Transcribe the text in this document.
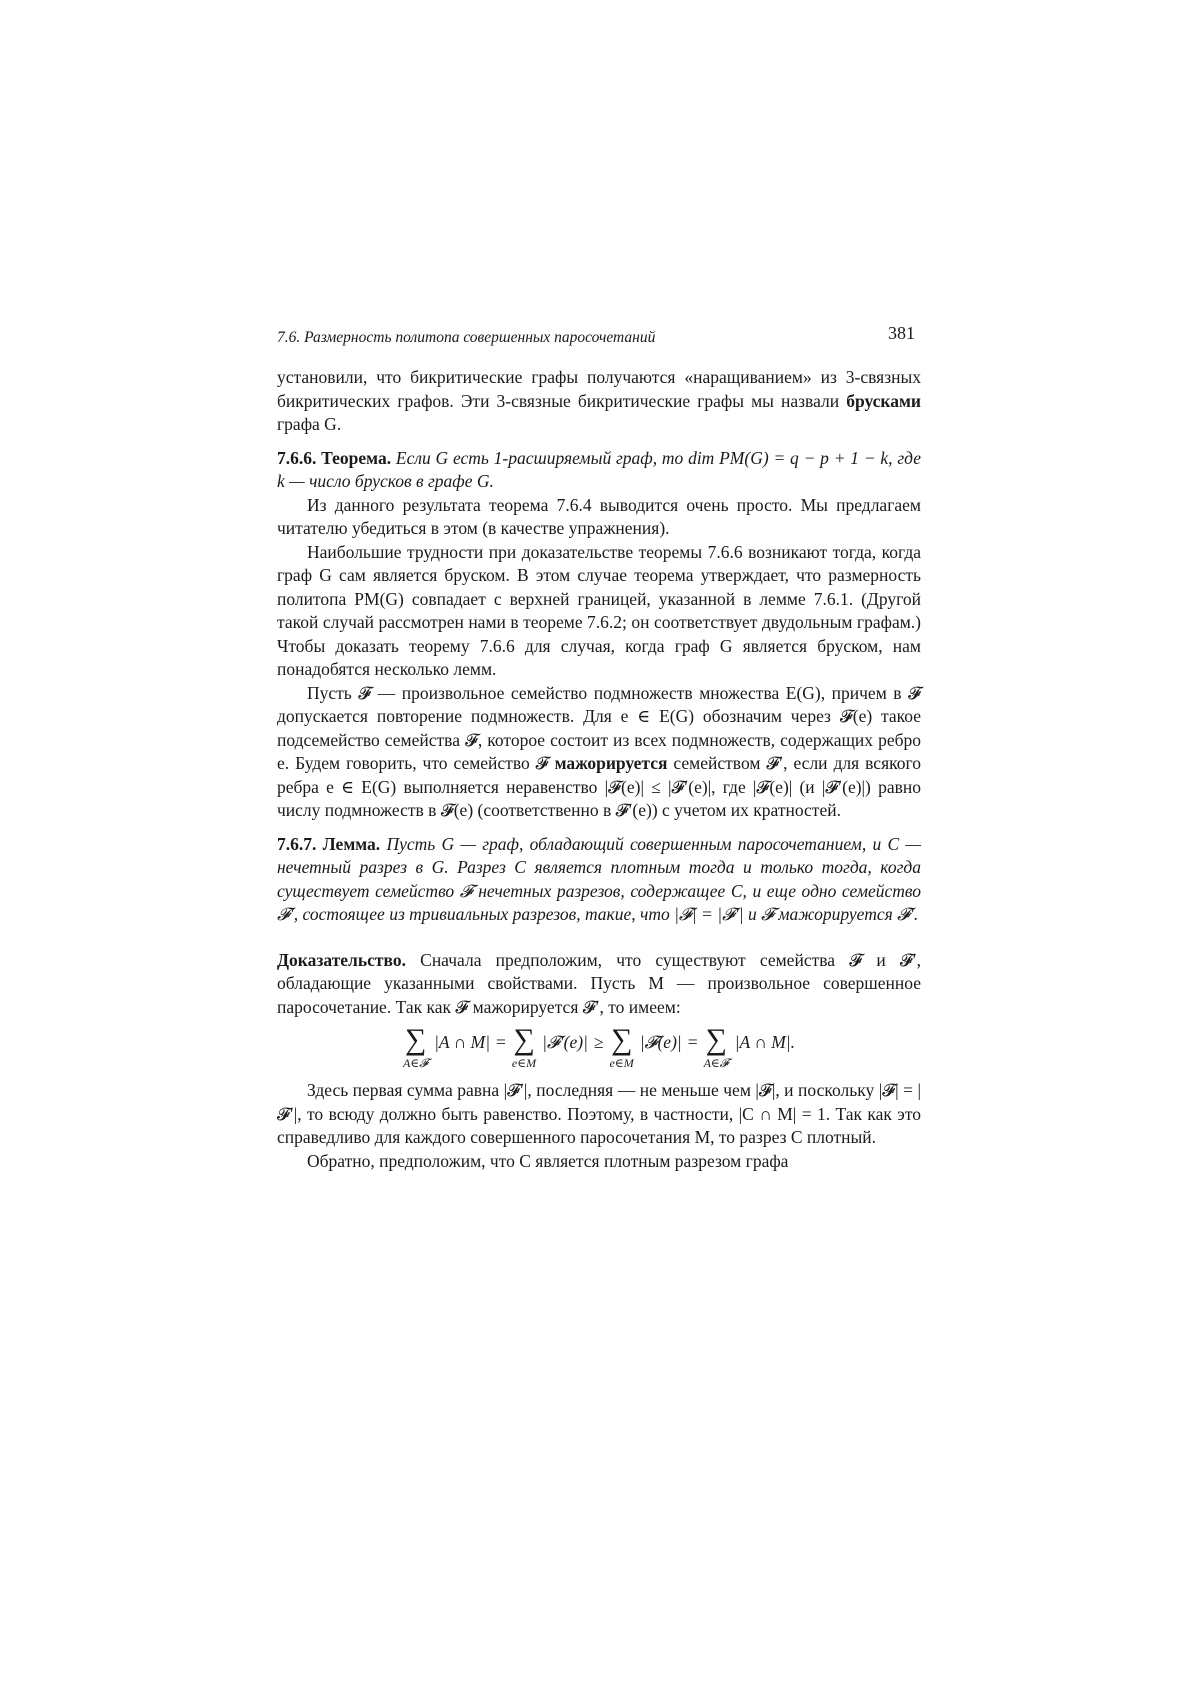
7.6. Размерность политопа совершенных паросочетаний	381

установили, что бикритические графы получаются «наращиванием» из 3-связных бикритических графов. Эти 3-связные бикритические графы мы назвали брусками графа G.

7.6.6. Теорема. Если G есть 1-расширяемый граф, то dim PM(G) = q − p + 1 − k, где k — число брусков в графе G.

Из данного результата теорема 7.6.4 выводится очень просто. Мы предлагаем читателю убедиться в этом (в качестве упражнения).

Наибольшие трудности при доказательстве теоремы 7.6.6 возникают тогда, когда граф G сам является бруском. В этом случае теорема утверждает, что размерность политопа PM(G) совпадает с верхней границей, указанной в лемме 7.6.1. (Другой такой случай рассмотрен нами в теореме 7.6.2; он соответствует двудольным графам.) Чтобы доказать теорему 7.6.6 для случая, когда граф G является бруском, нам понадобятся несколько лемм.

Пусть 𝓕 — произвольное семейство подмножеств множества E(G), причем в 𝓕 допускается повторение подмножеств. Для e ∈ E(G) обозначим через 𝓕(e) такое подсемейство семейства 𝓕, которое состоит из всех подмножеств, содержащих ребро e. Будем говорить, что семейство 𝓕 мажорируется семейством 𝓕′, если для всякого ребра e ∈ E(G) выполняется неравенство |𝓕(e)| ≤ |𝓕′(e)|, где |𝓕(e)| (и |𝓕′(e)|) равно числу подмножеств в 𝓕(e) (соответственно в 𝓕′(e)) с учетом их кратностей.

7.6.7. Лемма. Пусть G — граф, обладающий совершенным паросочетанием, и C — нечетный разрез в G. Разрез C является плотным тогда и только тогда, когда существует семейство 𝓕 нечетных разрезов, содержащее C, и еще одно семейство 𝓕′, состоящее из тривиальных разрезов, такие, что |𝓕| = |𝓕′| и 𝓕 мажорируется 𝓕′.

Доказательство. Сначала предположим, что существуют семейства 𝓕 и 𝓕′, обладающие указанными свойствами. Пусть M — произвольное совершенное паросочетание. Так как 𝓕 мажорируется 𝓕′, то имеем:

∑
A∈𝓕
|A ∩ M| = ∑
e∈M
|𝓕′(e)| ≥ ∑
e∈M
|𝓕(e)| = ∑
A∈𝓕
|A ∩ M|.

Здесь первая сумма равна |𝓕′|, последняя — не меньше чем |𝓕|, и поскольку |𝓕| = |𝓕′|, то всюду должно быть равенство. Поэтому, в частности, |C ∩ M| = 1. Так как это справедливо для каждого совершенного паросочетания M, то разрез C плотный.

Обратно, предположим, что C является плотным разрезом графа
